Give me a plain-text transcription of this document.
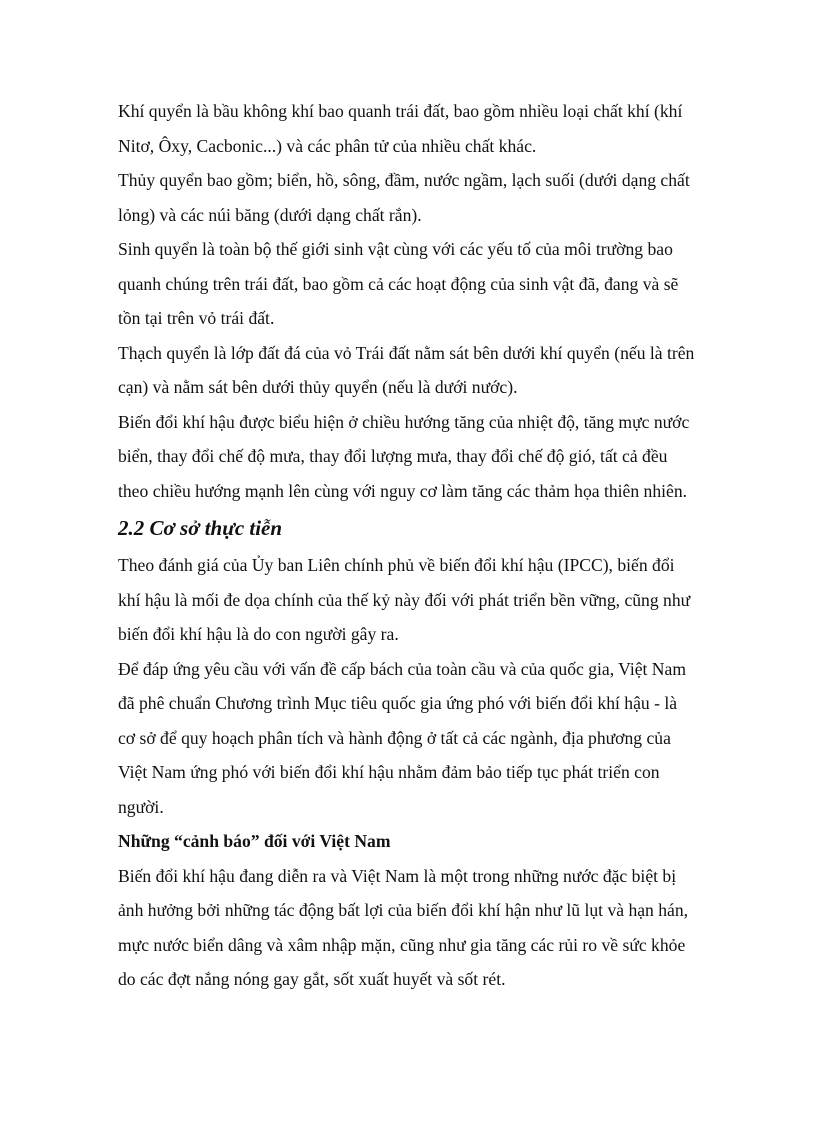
Khí quyển là bầu không khí bao quanh trái đất, bao gồm nhiều loại chất khí (khí Nitơ, Ôxy, Cacbonic...) và các phân tử của nhiều chất khác.

Thủy quyển bao gồm; biển, hồ, sông, đầm, nước ngầm, lạch suối (dưới dạng chất lỏng) và các núi băng (dưới dạng chất rắn).

Sinh quyển là toàn bộ thế giới sinh vật cùng với các yếu tố của môi trường bao quanh chúng trên trái đất, bao gồm cả các hoạt động của sinh vật đã, đang và sẽ tồn tại trên vỏ trái đất.

Thạch quyển là lớp đất đá của vỏ Trái đất nằm sát bên dưới khí quyển (nếu là trên cạn) và nằm sát bên dưới thủy quyển (nếu là dưới nước).

Biến đổi khí hậu được biểu hiện ở chiều hướng tăng của nhiệt độ, tăng mực nước biển, thay đổi chế độ mưa, thay đổi lượng mưa, thay đổi chế độ gió, tất cả đều theo chiều hướng mạnh lên cùng với nguy cơ làm tăng các thảm họa thiên nhiên.

2.2 Cơ sở thực tiễn

Theo đánh giá của Ủy ban Liên chính phủ về biến đổi khí hậu (IPCC), biến đổi khí hậu là mối đe dọa chính của thế kỷ này đối với phát triển bền vững, cũng như biến đổi khí hậu là do con người gây ra.

Để đáp ứng yêu cầu với vấn đề cấp bách của toàn cầu và của quốc gia, Việt Nam đã phê chuẩn Chương trình Mục tiêu quốc gia ứng phó với biến đổi khí hậu - là cơ sở để quy hoạch phân tích và hành động ở tất cả các ngành, địa phương của Việt Nam ứng phó với biến đổi khí hậu nhằm đảm bảo tiếp tục phát triển con người.

Những “cảnh báo” đối với Việt Nam

Biến đổi khí hậu đang diễn ra và Việt Nam là một trong những nước đặc biệt bị ảnh hưởng bởi những tác động bất lợi của biến đổi khí hận như lũ lụt và hạn hán, mực nước biển dâng và xâm nhập mặn, cũng như gia tăng các rủi ro về sức khỏe do các đợt nắng nóng gay gắt, sốt xuất huyết và sốt rét.
